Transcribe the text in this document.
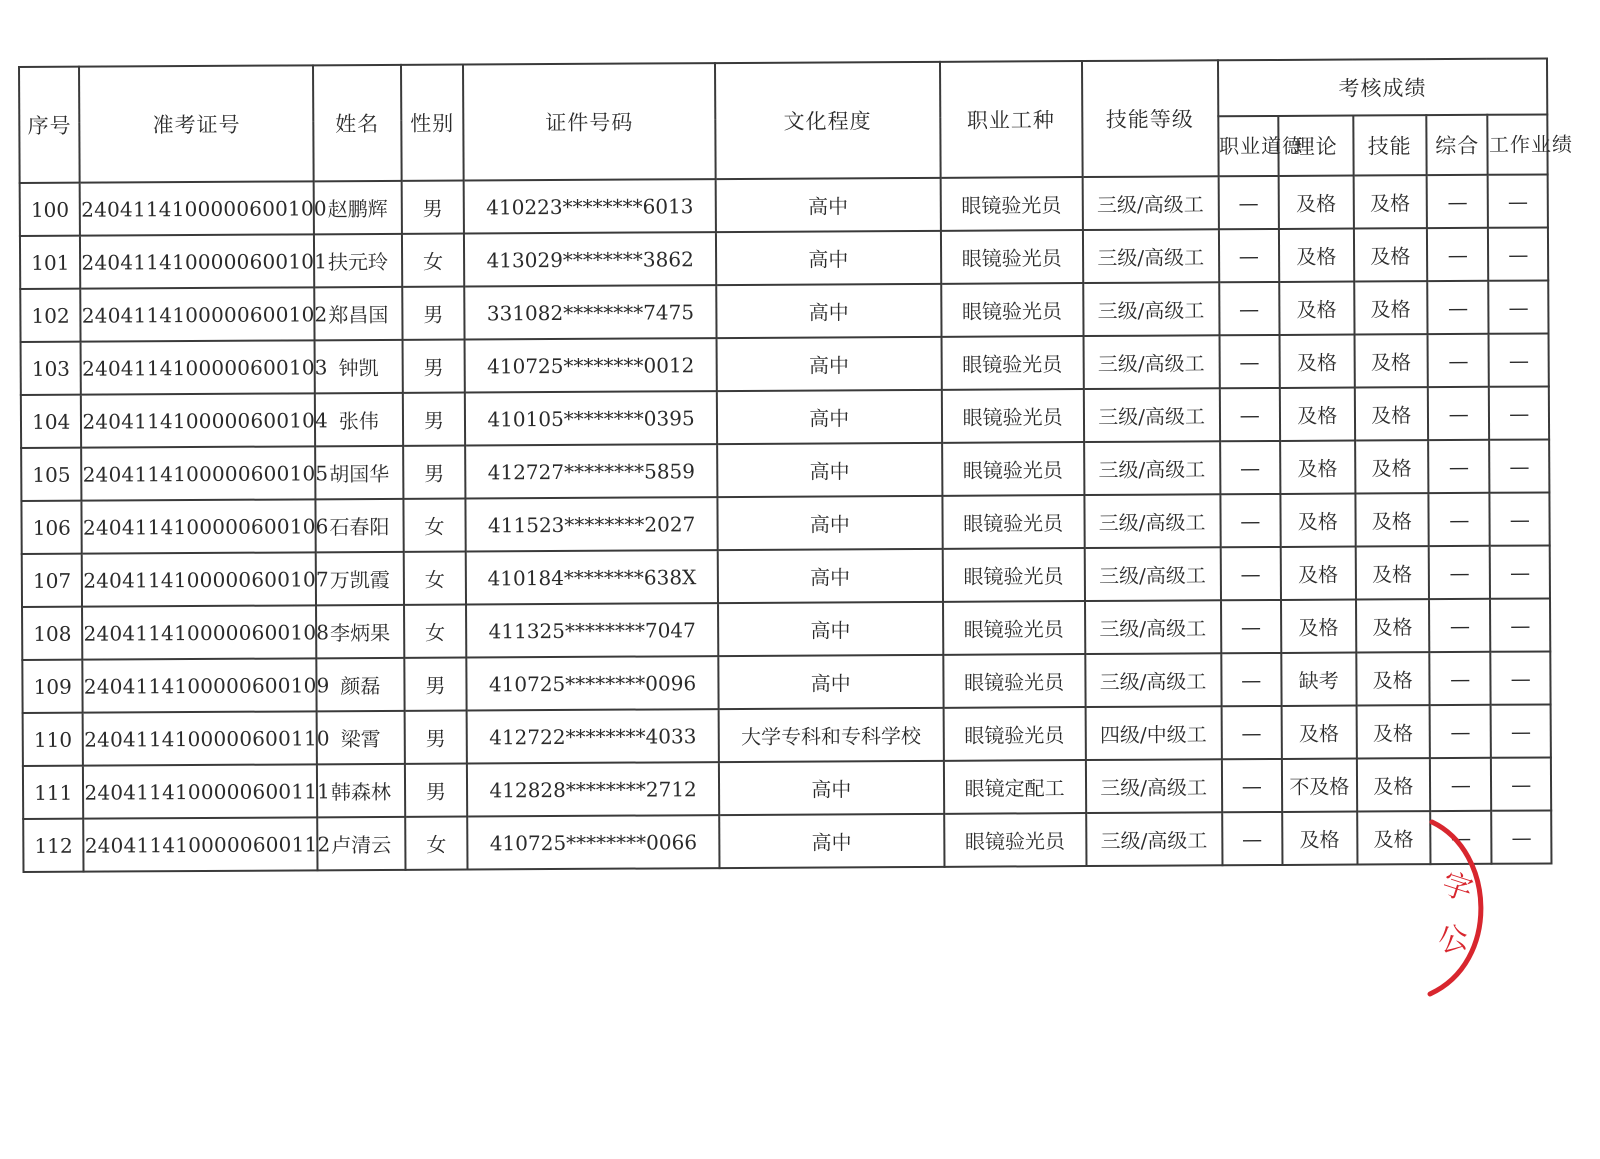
序号	准考证号	姓名	性别	证件号码	文化程度	职业工种	技能等级	考核成绩				
								职业道德	理论	技能	综合	工作业绩
100	2404114100000600100	赵鹏辉	男	410223********6013	高中	眼镜验光员	三级/高级工	—	及格	及格	—	—
101	2404114100000600101	扶元玲	女	413029********3862	高中	眼镜验光员	三级/高级工	—	及格	及格	—	—
102	2404114100000600102	郑昌国	男	331082********7475	高中	眼镜验光员	三级/高级工	—	及格	及格	—	—
103	2404114100000600103	钟凯	男	410725********0012	高中	眼镜验光员	三级/高级工	—	及格	及格	—	—
104	2404114100000600104	张伟	男	410105********0395	高中	眼镜验光员	三级/高级工	—	及格	及格	—	—
105	2404114100000600105	胡国华	男	412727********5859	高中	眼镜验光员	三级/高级工	—	及格	及格	—	—
106	2404114100000600106	石春阳	女	411523********2027	高中	眼镜验光员	三级/高级工	—	及格	及格	—	—
107	2404114100000600107	万凯霞	女	410184********638X	高中	眼镜验光员	三级/高级工	—	及格	及格	—	—
108	2404114100000600108	李炳果	女	411325********7047	高中	眼镜验光员	三级/高级工	—	及格	及格	—	—
109	2404114100000600109	颜磊	男	410725********0096	高中	眼镜验光员	三级/高级工	—	缺考	及格	—	—
110	2404114100000600110	梁霄	男	412722********4033	大学专科和专科学校	眼镜验光员	四级/中级工	—	及格	及格	—	—
111	2404114100000600111	韩森林	男	412828********2712	高中	眼镜定配工	三级/高级工	—	不及格	及格	—	—
112	2404114100000600112	卢清云	女	410725********0066	高中	眼镜验光员	三级/高级工	—	及格	及格	—	—
字
公
